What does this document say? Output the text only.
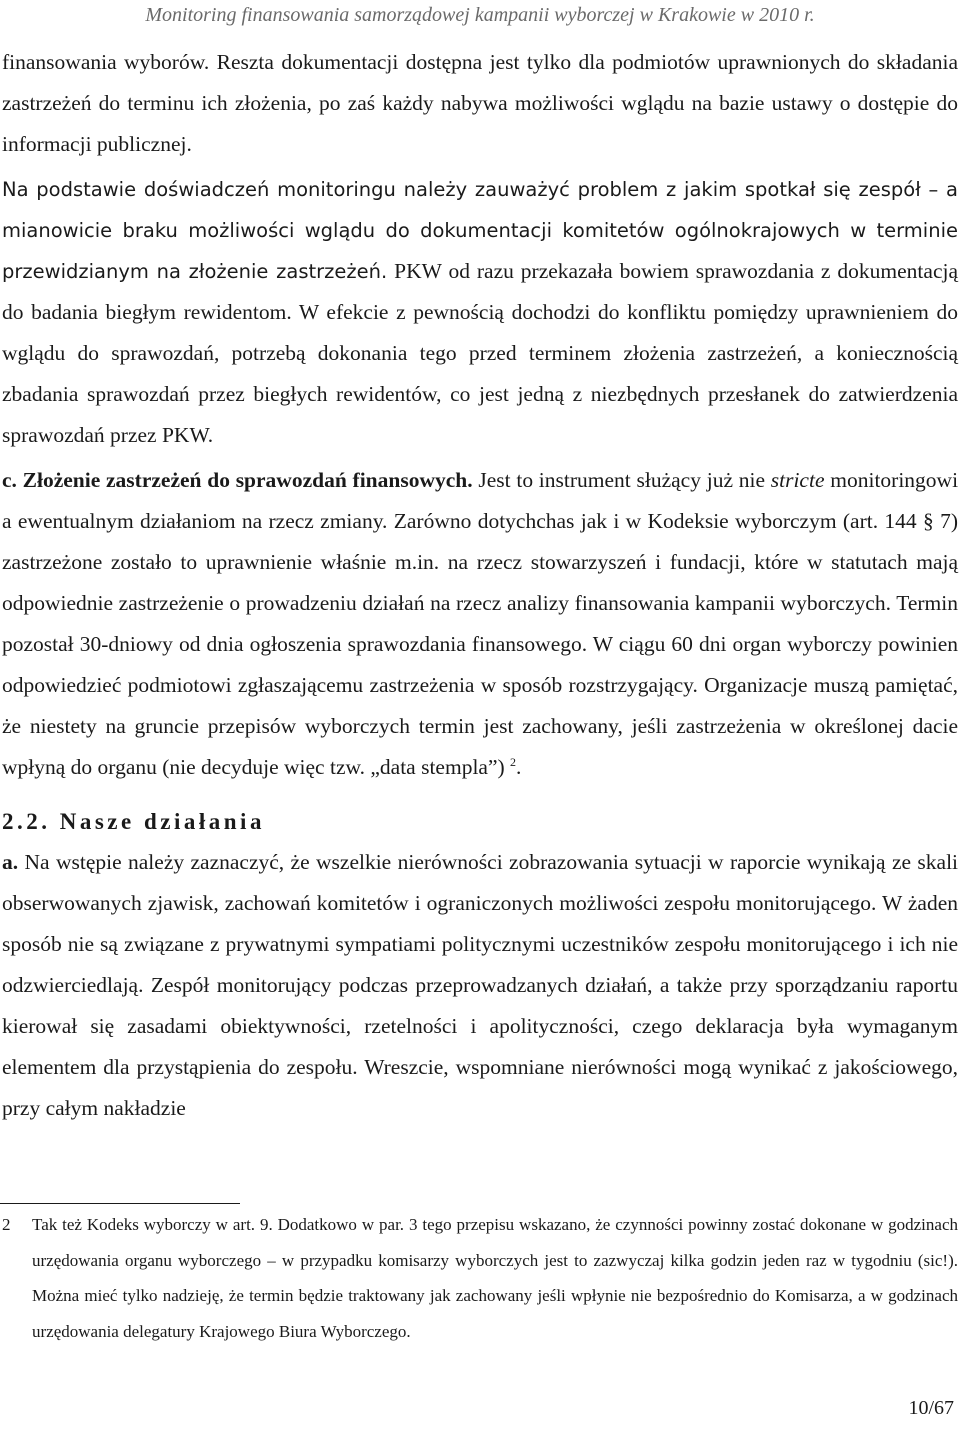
Monitoring finansowania samorządowej kampanii wyborczej w Krakowie w 2010 r.

finansowania wyborów. Reszta dokumentacji dostępna jest tylko dla podmiotów uprawnionych do składania zastrzeżeń do terminu ich złożenia, po zaś każdy nabywa możliwości wglądu na bazie ustawy o dostępie do informacji publicznej.

Na podstawie doświadczeń monitoringu należy zauważyć problem z jakim spotkał się zespół – a mianowicie braku możliwości wglądu do dokumentacji komitetów ogólnokrajowych w terminie przewidzianym na złożenie zastrzeżeń. PKW od razu przekazała bowiem sprawozdania z dokumentacją do badania biegłym rewidentom. W efekcie z pewnością dochodzi do konfliktu pomiędzy uprawnieniem do wglądu do sprawozdań, potrzebą dokonania tego przed terminem złożenia zastrzeżeń, a koniecznością zbadania sprawozdań przez biegłych rewidentów, co jest jedną z niezbędnych przesłanek do zatwierdzenia sprawozdań przez PKW.

c. Złożenie zastrzeżeń do sprawozdań finansowych. Jest to instrument służący już nie stricte monitoringowi a ewentualnym działaniom na rzecz zmiany. Zarówno dotychchas jak i w Kodeksie wyborczym (art. 144 § 7) zastrzeżone zostało to uprawnienie właśnie m.in. na rzecz stowarzyszeń i fundacji, które w statutach mają odpowiednie zastrzeżenie o prowadzeniu działań na rzecz analizy finansowania kampanii wyborczych. Termin pozostał 30-dniowy od dnia ogłoszenia sprawozdania finansowego. W ciągu 60 dni organ wyborczy powinien odpowiedzieć podmiotowi zgłaszającemu zastrzeżenia w sposób rozstrzygający. Organizacje muszą pamiętać, że niestety na gruncie przepisów wyborczych termin jest zachowany, jeśli zastrzeżenia w określonej dacie wpłyną do organu (nie decyduje więc tzw. „data stempla”) $^2$.

2.2. Nasze działania

a. Na wstępie należy zaznaczyć, że wszelkie nierówności zobrazowania sytuacji w raporcie wynikają ze skali obserwowanych zjawisk, zachowań komitetów i ograniczonych możliwości zespołu monitorującego. W żaden sposób nie są związane z prywatnymi sympatiami politycznymi uczestników zespołu monitorującego i ich nie odzwierciedlają. Zespół monitorujący podczas przeprowadzanych działań, a także przy sporządzaniu raportu kierował się zasadami obiektywności, rzetelności i apolityczności, czego deklaracja była wymaganym elementem dla przystąpienia do zespołu. Wreszcie, wspomniane nierówności mogą wynikać z jakościowego, przy całym nakładzie

2	Tak też Kodeks wyborczy w art. 9. Dodatkowo w par. 3 tego przepisu wskazano, że czynności powinny zostać dokonane w godzinach urzędowania organu wyborczego – w przypadku komisarzy wyborczych jest to zazwyczaj kilka godzin jeden raz w tygodniu (sic!). Można mieć tylko nadzieję, że termin będzie traktowany jak zachowany jeśli wpłynie nie bezpośrednio do Komisarza, a w godzinach urzędowania delegatury Krajowego Biura Wyborczego.
10/67
